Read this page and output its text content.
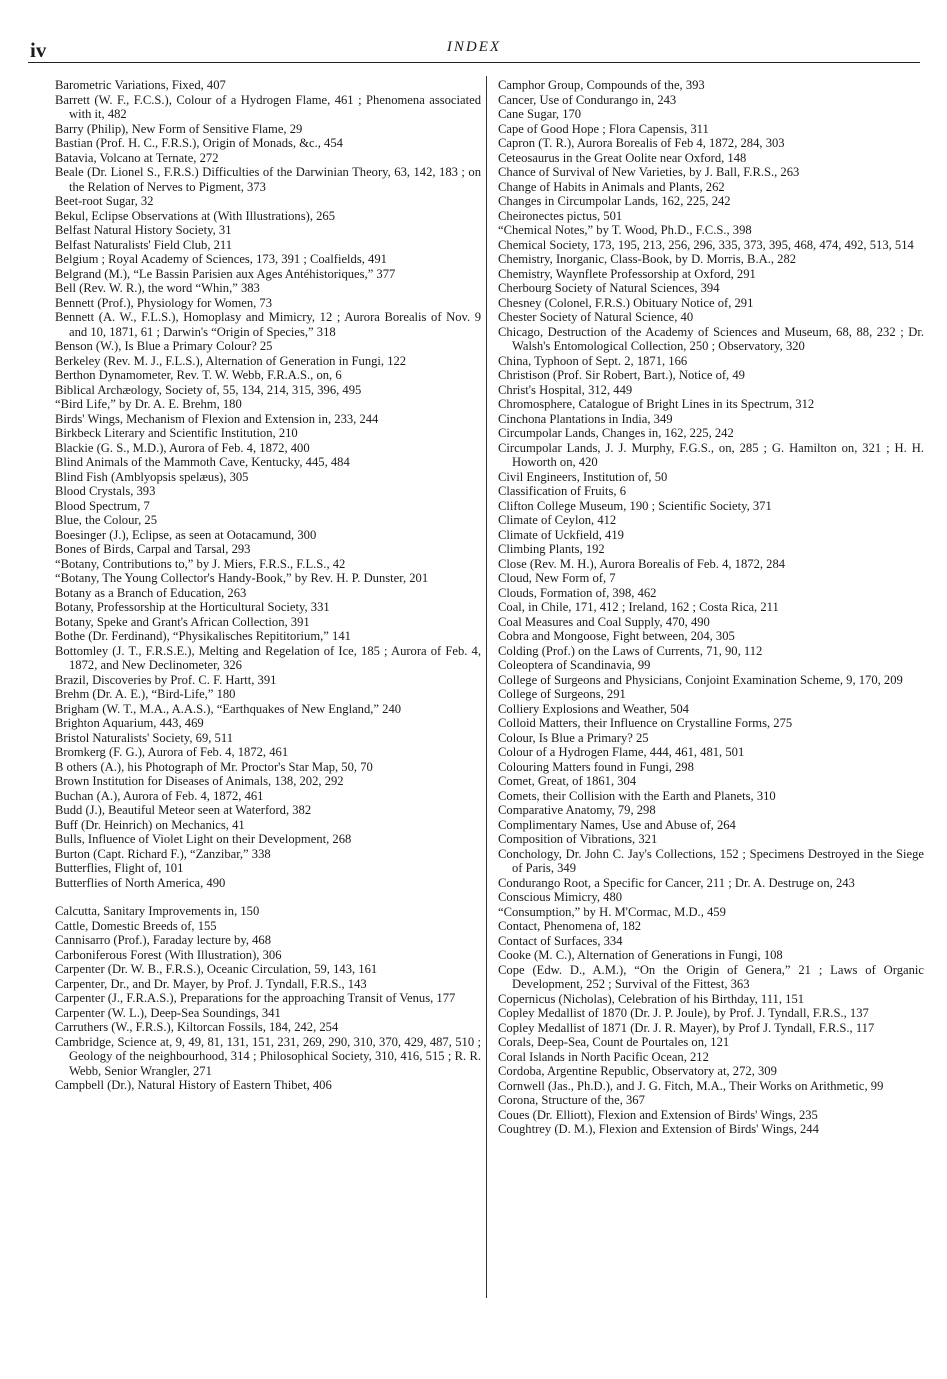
iv	INDEX

Barometric Variations, Fixed, 407

Barrett (W. F., F.C.S.), Colour of a Hydrogen Flame, 461 ; Phenomena associated with it, 482

Barry (Philip), New Form of Sensitive Flame, 29

Bastian (Prof. H. C., F.R.S.), Origin of Monads, &c., 454

Batavia, Volcano at Ternate, 272

Beale (Dr. Lionel S., F.R.S.) Difficulties of the Darwinian Theory, 63, 142, 183 ; on the Relation of Nerves to Pigment, 373

Beet-root Sugar, 32

Bekul, Eclipse Observations at (With Illustrations), 265

Belfast Natural History Society, 31

Belfast Naturalists' Field Club, 211

Belgium ; Royal Academy of Sciences, 173, 391 ; Coalfields, 491

Belgrand (M.), “Le Bassin Parisien aux Ages Antéhistoriques,” 377

Bell (Rev. W. R.), the word “Whin,” 383

Bennett (Prof.), Physiology for Women, 73

Bennett (A. W., F.L.S.), Homoplasy and Mimicry, 12 ; Aurora Borealis of Nov. 9 and 10, 1871, 61 ; Darwin's “Origin of Species,” 318

Benson (W.), Is Blue a Primary Colour? 25

Berkeley (Rev. M. J., F.L.S.), Alternation of Generation in Fungi, 122

Berthon Dynamometer, Rev. T. W. Webb, F.R.A.S., on, 6

Biblical Archæology, Society of, 55, 134, 214, 315, 396, 495

“Bird Life,” by Dr. A. E. Brehm, 180

Birds' Wings, Mechanism of Flexion and Extension in, 233, 244

Birkbeck Literary and Scientific Institution, 210

Blackie (G. S., M.D.), Aurora of Feb. 4, 1872, 400

Blind Animals of the Mammoth Cave, Kentucky, 445, 484

Blind Fish (Amblyopsis spelæus), 305

Blood Crystals, 393

Blood Spectrum, 7

Blue, the Colour, 25

Boesinger (J.), Eclipse, as seen at Ootacamund, 300

Bones of Birds, Carpal and Tarsal, 293

“Botany, Contributions to,” by J. Miers, F.R.S., F.L.S., 42

“Botany, The Young Collector's Handy-Book,” by Rev. H. P. Dunster, 201

Botany as a Branch of Education, 263

Botany, Professorship at the Horticultural Society, 331

Botany, Speke and Grant's African Collection, 391

Bothe (Dr. Ferdinand), “Physikalisches Repititorium,” 141

Bottomley (J. T., F.R.S.E.), Melting and Regelation of Ice, 185 ; Aurora of Feb. 4, 1872, and New Declinometer, 326

Brazil, Discoveries by Prof. C. F. Hartt, 391

Brehm (Dr. A. E.), “Bird-Life,” 180

Brigham (W. T., M.A., A.A.S.), “Earthquakes of New England,” 240

Brighton Aquarium, 443, 469

Bristol Naturalists' Society, 69, 511

Bromkerg (F. G.), Aurora of Feb. 4, 1872, 461

B others (A.), his Photograph of Mr. Proctor's Star Map, 50, 70

Brown Institution for Diseases of Animals, 138, 202, 292

Buchan (A.), Aurora of Feb. 4, 1872, 461

Budd (J.), Beautiful Meteor seen at Waterford, 382

Buff (Dr. Heinrich) on Mechanics, 41

Bulls, Influence of Violet Light on their Development, 268

Burton (Capt. Richard F.), “Zanzibar,” 338

Butterflies, Flight of, 101

Butterflies of North America, 490

Calcutta, Sanitary Improvements in, 150

Cattle, Domestic Breeds of, 155

Cannisarro (Prof.), Faraday lecture by, 468

Carboniferous Forest (With Illustration), 306

Carpenter (Dr. W. B., F.R.S.), Oceanic Circulation, 59, 143, 161

Carpenter, Dr., and Dr. Mayer, by Prof. J. Tyndall, F.R.S., 143

Carpenter (J., F.R.A.S.), Preparations for the approaching Transit of Venus, 177

Carpenter (W. L.), Deep-Sea Soundings, 341

Carruthers (W., F.R.S.), Kiltorcan Fossils, 184, 242, 254

Cambridge, Science at, 9, 49, 81, 131, 151, 231, 269, 290, 310, 370, 429, 487, 510 ; Geology of the neighbourhood, 314 ; Philosophical Society, 310, 416, 515 ; R. R. Webb, Senior Wrangler, 271

Campbell (Dr.), Natural History of Eastern Thibet, 406

Camphor Group, Compounds of the, 393

Cancer, Use of Condurango in, 243

Cane Sugar, 170

Cape of Good Hope ; Flora Capensis, 311

Capron (T. R.), Aurora Borealis of Feb 4, 1872, 284, 303

Ceteosaurus in the Great Oolite near Oxford, 148

Chance of Survival of New Varieties, by J. Ball, F.R.S., 263

Change of Habits in Animals and Plants, 262

Changes in Circumpolar Lands, 162, 225, 242

Cheironectes pictus, 501

“Chemical Notes,” by T. Wood, Ph.D., F.C.S., 398

Chemical Society, 173, 195, 213, 256, 296, 335, 373, 395, 468, 474, 492, 513, 514

Chemistry, Inorganic, Class-Book, by D. Morris, B.A., 282

Chemistry, Waynflete Professorship at Oxford, 291

Cherbourg Society of Natural Sciences, 394

Chesney (Colonel, F.R.S.) Obituary Notice of, 291

Chester Society of Natural Science, 40

Chicago, Destruction of the Academy of Sciences and Museum, 68, 88, 232 ; Dr. Walsh's Entomological Collection, 250 ; Observatory, 320

China, Typhoon of Sept. 2, 1871, 166

Christison (Prof. Sir Robert, Bart.), Notice of, 49

Christ's Hospital, 312, 449

Chromosphere, Catalogue of Bright Lines in its Spectrum, 312

Cinchona Plantations in India, 349

Circumpolar Lands, Changes in, 162, 225, 242

Circumpolar Lands, J. J. Murphy, F.G.S., on, 285 ; G. Hamilton on, 321 ; H. H. Howorth on, 420

Civil Engineers, Institution of, 50

Classification of Fruits, 6

Clifton College Museum, 190 ; Scientific Society, 371

Climate of Ceylon, 412

Climate of Uckfield, 419

Climbing Plants, 192

Close (Rev. M. H.), Aurora Borealis of Feb. 4, 1872, 284

Cloud, New Form of, 7

Clouds, Formation of, 398, 462

Coal, in Chile, 171, 412 ; Ireland, 162 ; Costa Rica, 211

Coal Measures and Coal Supply, 470, 490

Cobra and Mongoose, Fight between, 204, 305

Colding (Prof.) on the Laws of Currents, 71, 90, 112

Coleoptera of Scandinavia, 99

College of Surgeons and Physicians, Conjoint Examination Scheme, 9, 170, 209

College of Surgeons, 291

Colliery Explosions and Weather, 504

Colloid Matters, their Influence on Crystalline Forms, 275

Colour, Is Blue a Primary? 25

Colour of a Hydrogen Flame, 444, 461, 481, 501

Colouring Matters found in Fungi, 298

Comet, Great, of 1861, 304

Comets, their Collision with the Earth and Planets, 310

Comparative Anatomy, 79, 298

Complimentary Names, Use and Abuse of, 264

Composition of Vibrations, 321

Conchology, Dr. John C. Jay's Collections, 152 ; Specimens Destroyed in the Siege of Paris, 349

Condurango Root, a Specific for Cancer, 211 ; Dr. A. Destruge on, 243

Conscious Mimicry, 480

“Consumption,” by H. M'Cormac, M.D., 459

Contact, Phenomena of, 182

Contact of Surfaces, 334

Cooke (M. C.), Alternation of Generations in Fungi, 108

Cope (Edw. D., A.M.), “On the Origin of Genera,” 21 ; Laws of Organic Development, 252 ; Survival of the Fittest, 363

Copernicus (Nicholas), Celebration of his Birthday, 111, 151

Copley Medallist of 1870 (Dr. J. P. Joule), by Prof. J. Tyndall, F.R.S., 137

Copley Medallist of 1871 (Dr. J. R. Mayer), by Prof J. Tyndall, F.R.S., 117

Corals, Deep-Sea, Count de Pourtales on, 121

Coral Islands in North Pacific Ocean, 212

Cordoba, Argentine Republic, Observatory at, 272, 309

Cornwell (Jas., Ph.D.), and J. G. Fitch, M.A., Their Works on Arithmetic, 99

Corona, Structure of the, 367

Coues (Dr. Elliott), Flexion and Extension of Birds' Wings, 235

Coughtrey (D. M.), Flexion and Extension of Birds' Wings, 244
